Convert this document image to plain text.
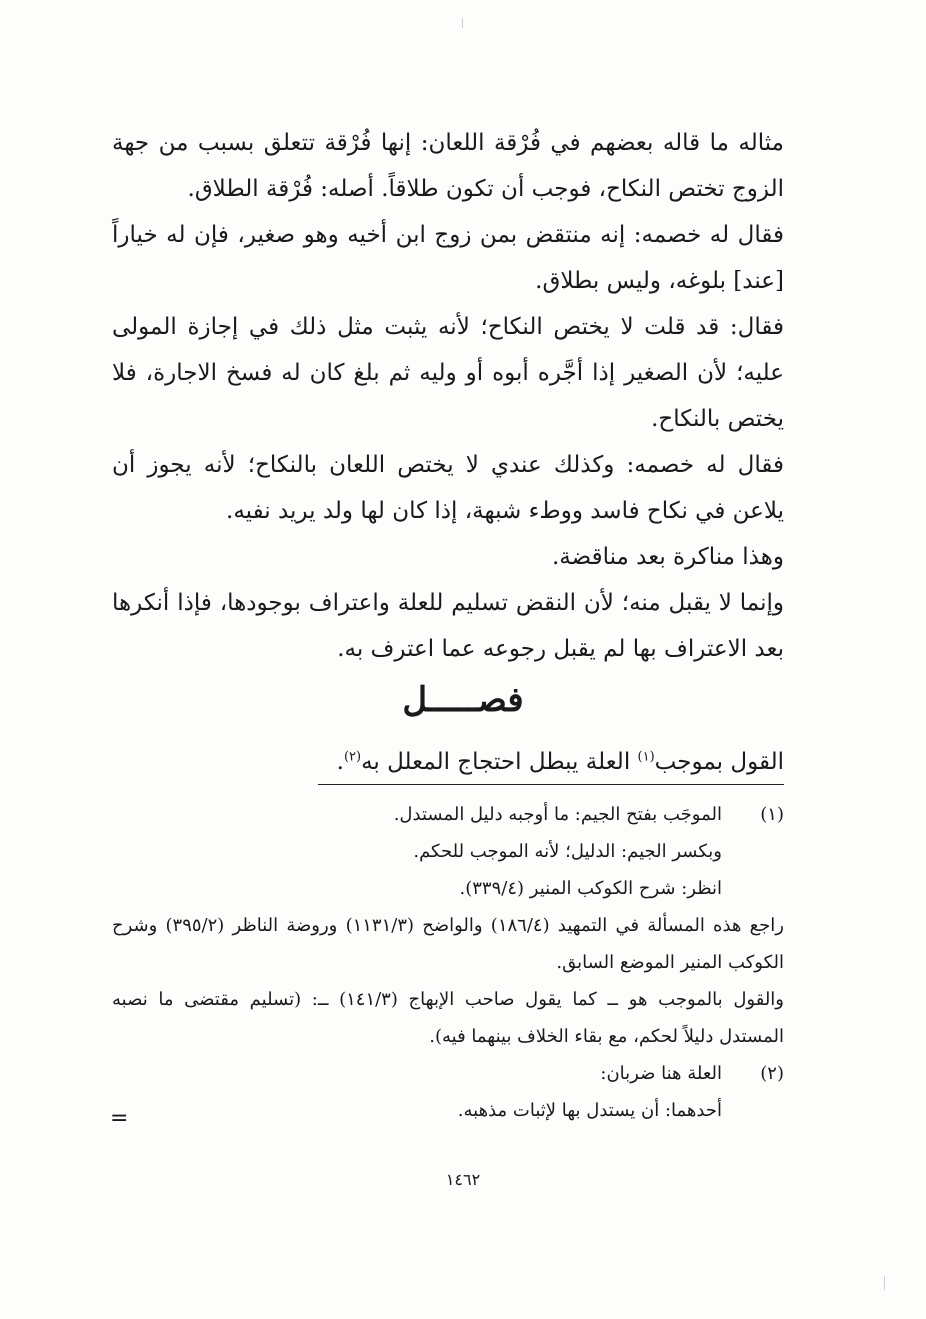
مثاله ما قاله بعضهم في فُرْقة اللعان: إنها فُرْقة تتعلق بسبب من جهة الزوج تختص النكاح، فوجب أن تكون طلاقاً. أصله: فُرْقة الطلاق.

فقال له خصمه: إنه منتقض بمن زوج ابن أخيه وهو صغير، فإن له خياراً [عند] بلوغه، وليس بطلاق.

فقال: قد قلت لا يختص النكاح؛ لأنه يثبت مثل ذلك في إجازة المولى عليه؛ لأن الصغير إذا أجَّره أبوه أو وليه ثم بلغ كان له فسخ الاجارة، فلا يختص بالنكاح.

فقال له خصمه: وكذلك عندي لا يختص اللعان بالنكاح؛ لأنه يجوز أن يلاعن في نكاح فاسد ووطء شبهة، إذا كان لها ولد يريد نفيه.

وهذا مناكرة بعد مناقضة.

وإنما لا يقبل منه؛ لأن النقض تسليم للعلة واعتراف بوجودها، فإذا أنكرها بعد الاعتراف بها لم يقبل رجوعه عما اعترف به.

فصـــــل
القول بموجب$^{(١)}$ العلة يبطل احتجاج المعلل به$^{(٢)}$.
(١)
الموجَب بفتح الجيم: ما أوجبه دليل المستدل.
وبكسر الجيم: الدليل؛ لأنه الموجب للحكم.
انظر: شرح الكوكب المنير (٣٣٩/٤).
راجع هذه المسألة في التمهيد (١٨٦/٤) والواضح (١١٣١/٣) وروضة الناظر (٣٩٥/٢) وشرح الكوكب المنير الموضع السابق.
والقول بالموجب هو ــ كما يقول صاحب الإبهاج (١٤١/٣) ــ: (تسليم مقتضى ما نصبه المستدل دليلاً لحكم، مع بقاء الخلاف بينهما فيه).
(٢)
العلة هنا ضربان:
أحدهما: أن يستدل بها لإثبات مذهبه.
=
١٤٦٢
